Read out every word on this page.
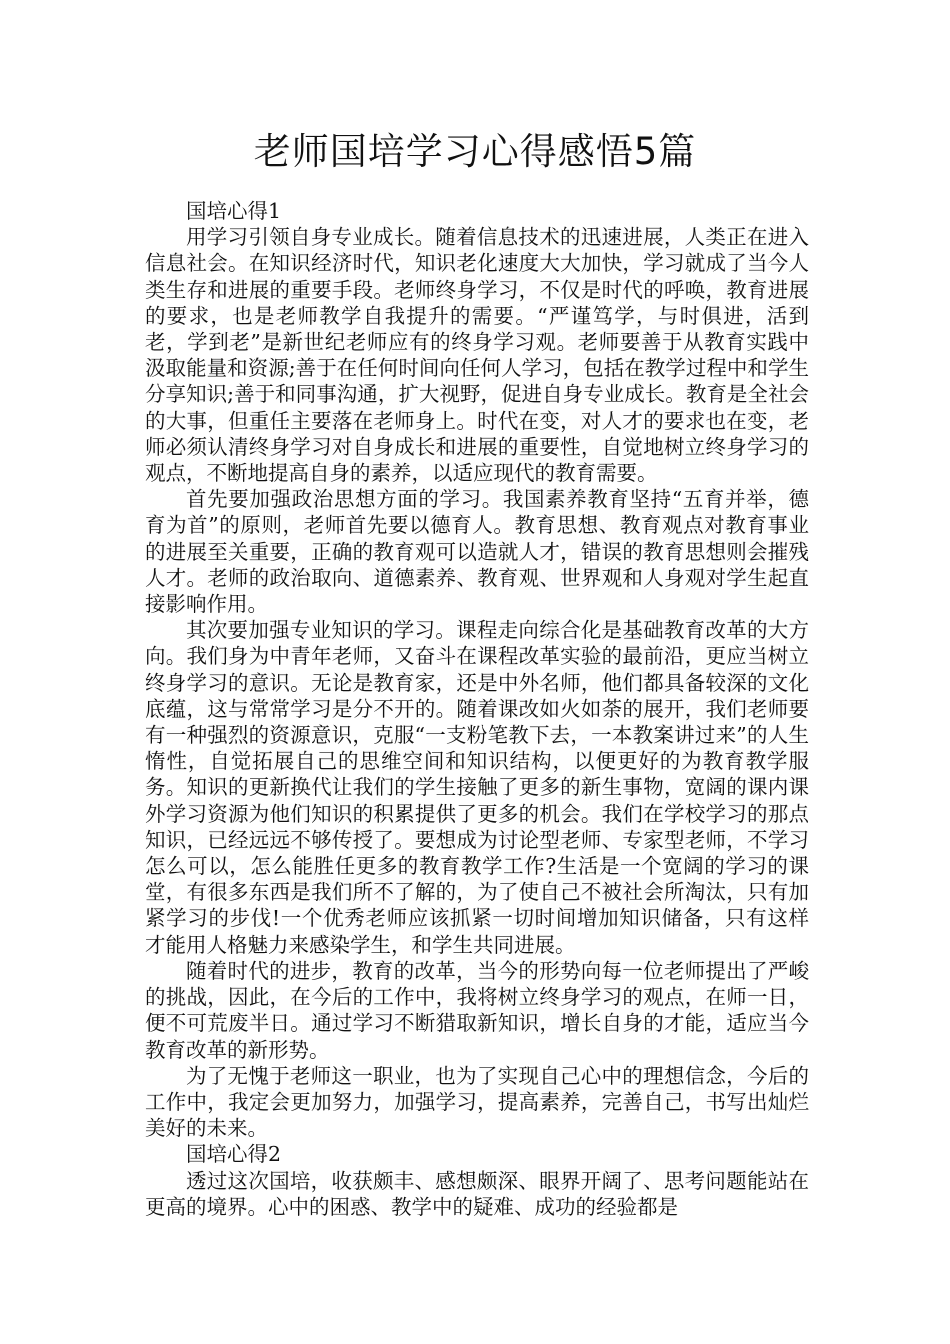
老师国培学习心得感悟5篇

国培心得1

用学习引领自身专业成长。随着信息技术的迅速进展，人类正在进入信息社会。在知识经济时代，知识老化速度大大加快，学习就成了当今人类生存和进展的重要手段。老师终身学习，不仅是时代的呼唤，教育进展的要求，也是老师教学自我提升的需要。“严谨笃学，与时俱进，活到老，学到老”是新世纪老师应有的终身学习观。老师要善于从教育实践中汲取能量和资源;善于在任何时间向任何人学习，包括在教学过程中和学生分享知识;善于和同事沟通，扩大视野，促进自身专业成长。教育是全社会的大事，但重任主要落在老师身上。时代在变，对人才的要求也在变，老师必须认清终身学习对自身成长和进展的重要性，自觉地树立终身学习的观点，不断地提高自身的素养，以适应现代的教育需要。

首先要加强政治思想方面的学习。我国素养教育坚持“五育并举，德育为首”的原则，老师首先要以德育人。教育思想、教育观点对教育事业的进展至关重要，正确的教育观可以造就人才，错误的教育思想则会摧残人才。老师的政治取向、道德素养、教育观、世界观和人身观对学生起直接影响作用。

其次要加强专业知识的学习。课程走向综合化是基础教育改革的大方向。我们身为中青年老师，又奋斗在课程改革实验的最前沿，更应当树立终身学习的意识。无论是教育家，还是中外名师，他们都具备较深的文化底蕴，这与常常学习是分不开的。随着课改如火如荼的展开，我们老师要有一种强烈的资源意识，克服“一支粉笔教下去，一本教案讲过来”的人生惰性，自觉拓展自己的思维空间和知识结构，以便更好的为教育教学服务。知识的更新换代让我们的学生接触了更多的新生事物，宽阔的课内课外学习资源为他们知识的积累提供了更多的机会。我们在学校学习的那点知识，已经远远不够传授了。要想成为讨论型老师、专家型老师，不学习怎么可以，怎么能胜任更多的教育教学工作?生活是一个宽阔的学习的课堂，有很多东西是我们所不了解的，为了使自己不被社会所淘汰，只有加紧学习的步伐!一个优秀老师应该抓紧一切时间增加知识储备，只有这样才能用人格魅力来感染学生，和学生共同进展。

随着时代的进步，教育的改革，当今的形势向每一位老师提出了严峻的挑战，因此，在今后的工作中，我将树立终身学习的观点，在师一日，便不可荒废半日。通过学习不断猎取新知识，增长自身的才能，适应当今教育改革的新形势。

为了无愧于老师这一职业，也为了实现自己心中的理想信念，今后的工作中，我定会更加努力，加强学习，提高素养，完善自己，书写出灿烂美好的未来。

国培心得2

透过这次国培，收获颇丰、感想颇深、眼界开阔了、思考问题能站在更高的境界。心中的困惑、教学中的疑难、成功的经验都是
